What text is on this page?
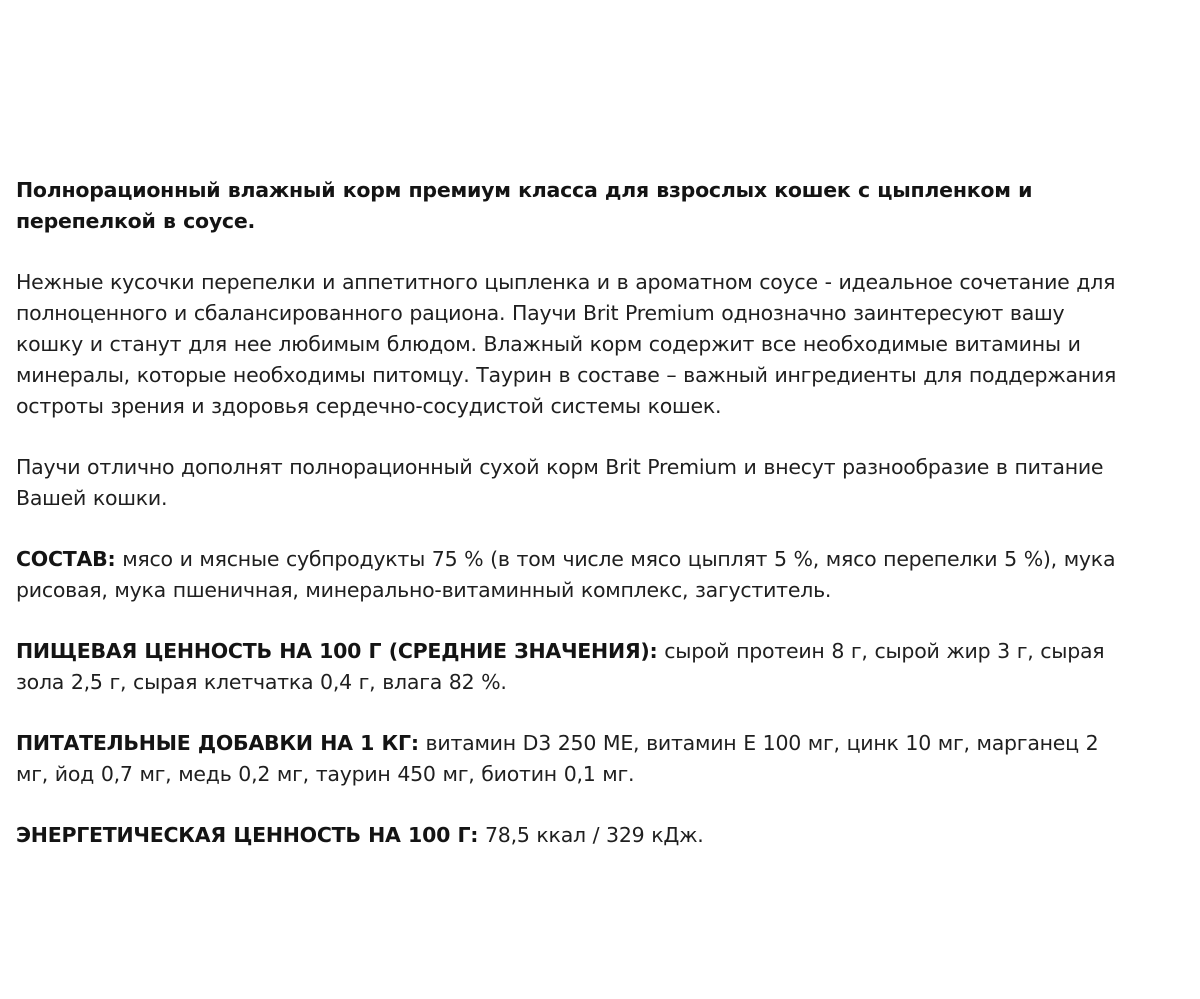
Полнорационный влажный корм премиум класса для взрослых кошек с цыпленком и перепелкой в соусе.

Нежные кусочки перепелки и аппетитного цыпленка и в ароматном соусе - идеальное сочетание для полноценного и сбалансированного рациона. Паучи Brit Premium однозначно заинтересуют вашу кошку и станут для нее любимым блюдом. Влажный корм содержит все необходимые витамины и минералы, которые необходимы питомцу. Таурин в составе – важный ингредиенты для поддержания остроты зрения и здоровья сердечно-сосудистой системы кошек.

Паучи отлично дополнят полнорационный сухой корм Brit Premium и внесут разнообразие в питание Вашей кошки.

СОСТАВ: мясо и мясные субпродукты 75 % (в том числе мясо цыплят 5 %, мясо перепелки 5 %), мука рисовая, мука пшеничная, минерально-витаминный комплекс, загуститель.

ПИЩЕВАЯ ЦЕННОСТЬ НА 100 Г (СРЕДНИЕ ЗНАЧЕНИЯ): сырой протеин 8 г, сырой жир 3 г, сырая зола 2,5 г, сырая клетчатка 0,4 г, влага 82 %.

ПИТАТЕЛЬНЫЕ ДОБАВКИ НА 1 КГ: витамин D3 250 МЕ, витамин Е 100 мг, цинк 10 мг, марганец 2 мг, йод 0,7 мг, медь 0,2 мг, таурин 450 мг, биотин 0,1 мг.

ЭНЕРГЕТИЧЕСКАЯ ЦЕННОСТЬ НА 100 Г: 78,5 ккал / 329 кДж.
